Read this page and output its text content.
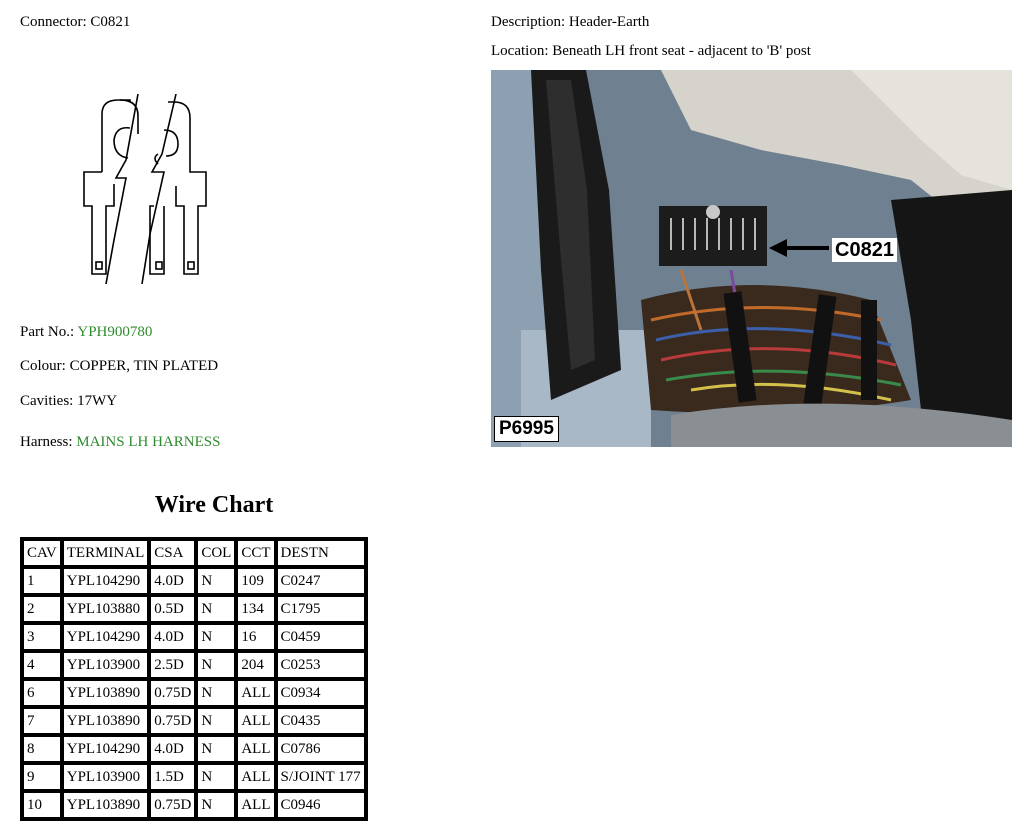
Connector: C0821	Description: Header-Earth
Location: Beneath LH front seat - adjacent to 'B' post
Part No.: YPH900780
Colour: COPPER, TIN PLATED
Cavities: 17WY
Harness: MAINS LH HARNESS
C0821
P6995
Wire Chart
CAV	TERMINAL	CSA	COL	CCT	DESTN
1	YPL104290	4.0D	N	109	C0247
2	YPL103880	0.5D	N	134	C1795
3	YPL104290	4.0D	N	16	C0459
4	YPL103900	2.5D	N	204	C0253
6	YPL103890	0.75D	N	ALL	C0934
7	YPL103890	0.75D	N	ALL	C0435
8	YPL104290	4.0D	N	ALL	C0786
9	YPL103900	1.5D	N	ALL	S/JOINT 177
10	YPL103890	0.75D	N	ALL	C0946
